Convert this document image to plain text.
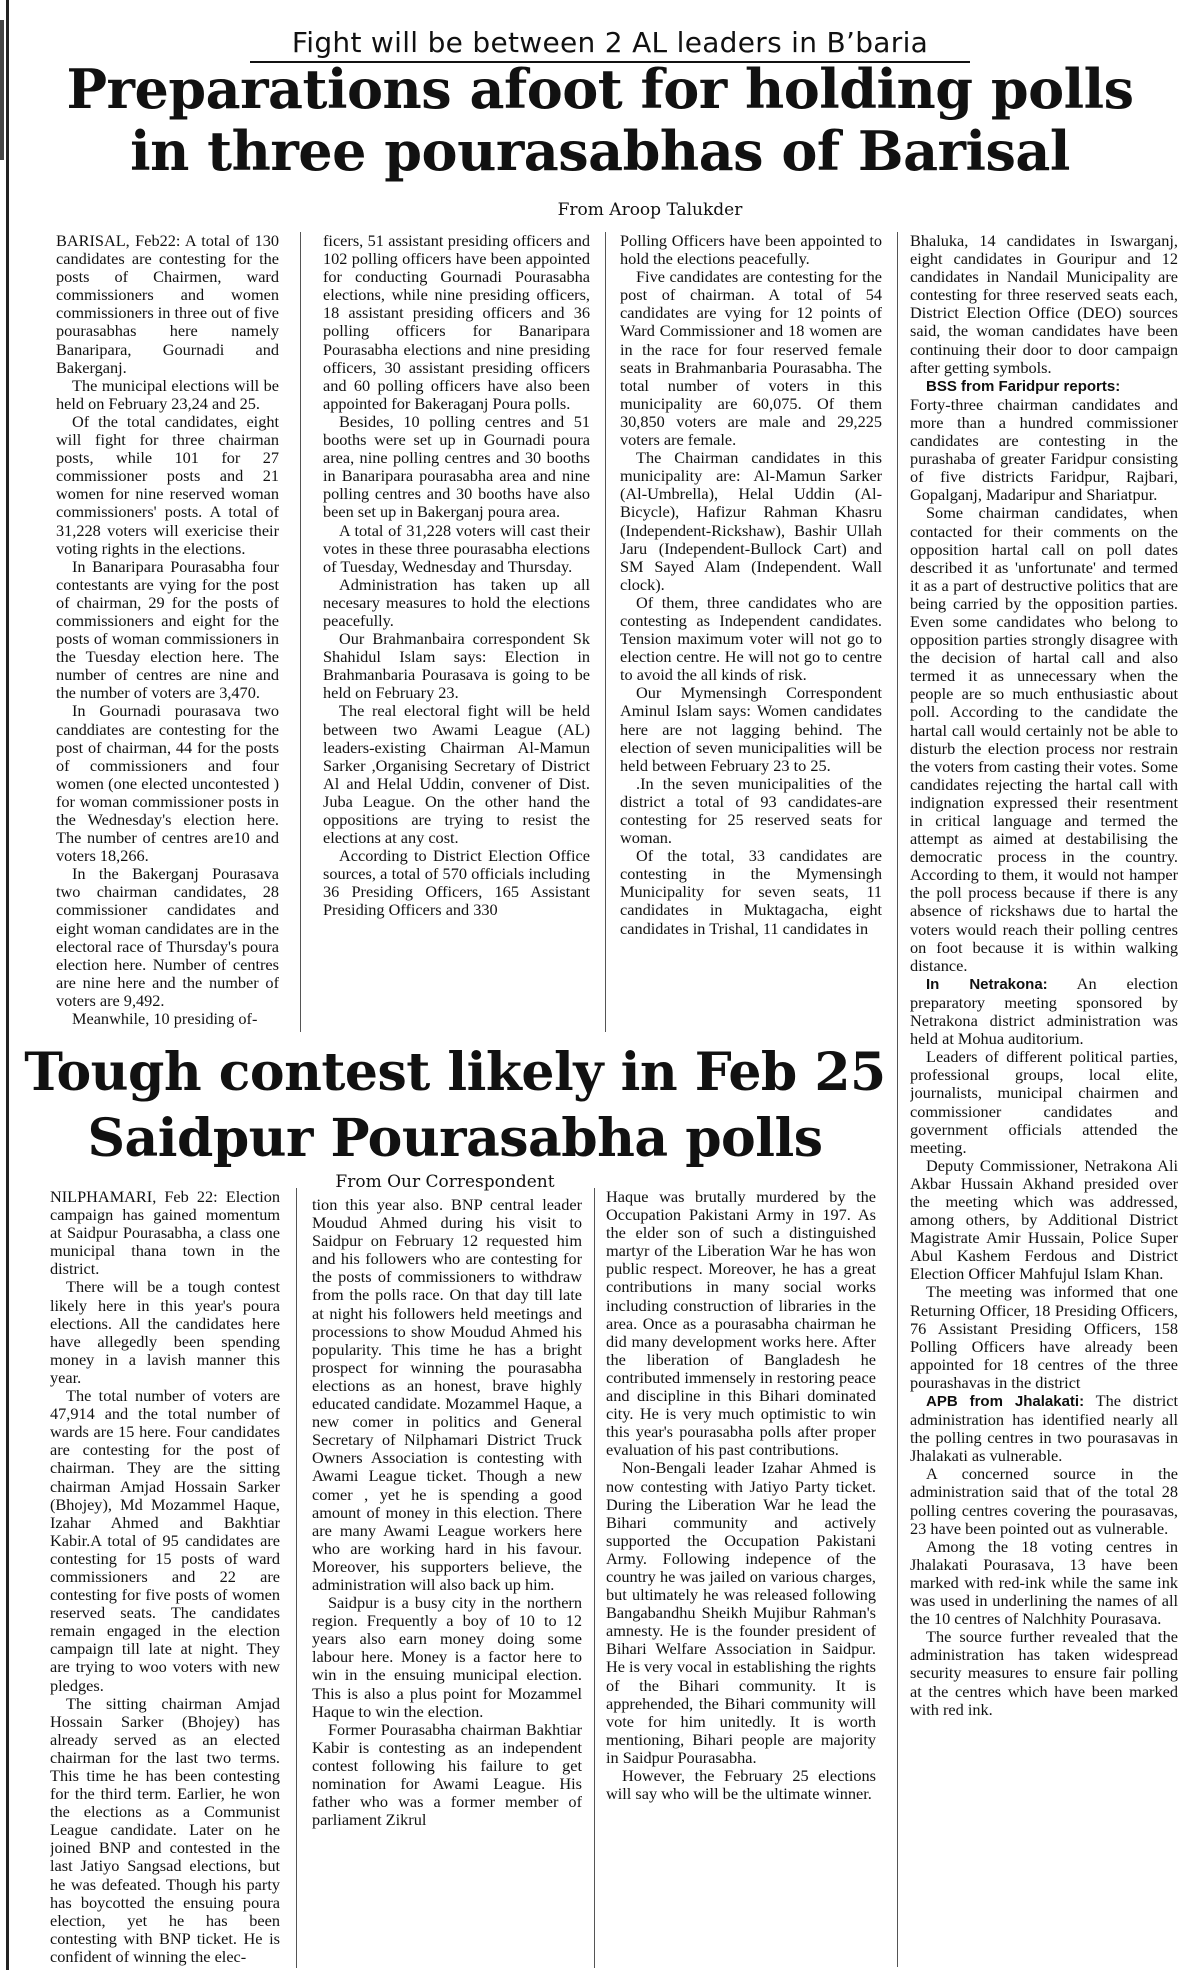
Fight will be between 2 AL leaders in B’baria
Preparations afoot for holding polls
in three pourasabhas of Barisal
From Aroop Talukder

BARISAL, Feb22: A total of 130 candidates are contesting for the posts of Chairmen, ward commissioners and women commissioners in three out of five pourasabhas here namely Banaripara, Gournadi and Bakerganj.

The municipal elections will be held on February 23,24 and 25.

Of the total candidates, eight will fight for three chairman posts, while 101 for 27 commissioner posts and 21 women for nine reserved woman commissioners' posts. A total of 31,228 voters will exericise their voting rights in the elections.

In Banaripara Pourasabha four contestants are vying for the post of chairman, 29 for the posts of commissioners and eight for the posts of woman commissioners in the Tuesday election here. The number of centres are nine and the number of voters are 3,470.

In Gournadi pourasava two canddiates are contesting for the post of chairman, 44 for the posts of commissioners and four women (one elected uncontested ) for woman commissioner posts in the Wednesday's election here. The number of centres are10 and voters 18,266.

In the Bakerganj Pourasava two chairman candidates, 28 commissioner candidates and eight woman candidates are in the electoral race of Thursday's poura election here. Number of centres are nine here and the number of voters are 9,492.

Meanwhile, 10 presiding of-

ficers, 51 assistant presiding officers and 102 polling officers have been appointed for conducting Gournadi Pourasabha elections, while nine presiding officers, 18 assistant presiding officers and 36 polling officers for Banaripara Pourasabha elections and nine presiding officers, 30 assistant presiding officers and 60 polling officers have also been appointed for Bakeraganj Poura polls.

Besides, 10 polling centres and 51 booths were set up in Gournadi poura area, nine polling centres and 30 booths in Banaripara pourasabha area and nine polling centres and 30 booths have also been set up in Bakerganj poura area.

A total of 31,228 voters will cast their votes in these three pourasabha elections of Tuesday, Wednesday and Thursday.

Administration has taken up all necesary measures to hold the elections peacefully.

Our Brahmanbaira correspondent Sk Shahidul Islam says: Election in Brahmanbaria Pourasava is going to be held on February 23.

The real electoral fight will be held between two Awami League (AL) leaders-existing Chairman Al-Mamun Sarker ,Organising Secretary of District Al and Helal Uddin, convener of Dist. Juba League. On the other hand the oppositions are trying to resist the elections at any cost.

According to District Election Office sources, a total of 570 officials including 36 Presiding Officers, 165 Assistant Presiding Officers and 330

Polling Officers have been appointed to hold the elections peacefully.

Five candidates are contesting for the post of chairman. A total of 54 candidates are vying for 12 points of Ward Commissioner and 18 women are in the race for four reserved female seats in Brahmanbaria Pourasabha. The total number of voters in this municipality are 60,075. Of them 30,850 voters are male and 29,225 voters are female.

The Chairman candidates in this municipality are: Al-Mamun Sarker (Al-Umbrella), Helal Uddin (Al-Bicycle), Hafizur Rahman Khasru (Independent-Rickshaw), Bashir Ullah Jaru (Independent-Bullock Cart) and SM Sayed Alam (Independent. Wall clock).

Of them, three candidates who are contesting as Independent candidates. Tension maximum voter will not go to election centre. He will not go to centre to avoid the all kinds of risk.

Our Mymensingh Correspondent Aminul Islam says: Women candidates here are not lagging behind. The election of seven municipalities will be held between February 23 to 25.

.In the seven municipalities of the district a total of 93 candidates-are contesting for 25 reserved seats for woman.

Of the total, 33 candidates are contesting in the Mymensingh Municipality for seven seats, 11 candidates in Muktagacha, eight candidates in Trishal, 11 candidates in

Bhaluka, 14 candidates in Iswarganj, eight candidates in Gouripur and 12 candidates in Nandail Municipality are contesting for three reserved seats each, District Election Office (DEO) sources said, the woman candidates have been continuing their door to door campaign after getting symbols.

BSS from Faridpur reports:

Forty-three chairman candidates and more than a hundred commissioner candidates are contesting in the purashaba of greater Faridpur consisting of five districts Faridpur, Rajbari, Gopalganj, Madaripur and Shariatpur.

Some chairman candidates, when contacted for their comments on the opposition hartal call on poll dates described it as 'unfortunate' and termed it as a part of destructive politics that are being carried by the opposition parties. Even some candidates who belong to opposition parties strongly disagree with the decision of hartal call and also termed it as unnecessary when the people are so much enthusiastic about poll. According to the candidate the hartal call would certainly not be able to disturb the election process nor restrain the voters from casting their votes. Some candidates rejecting the hartal call with indignation expressed their resentment in critical language and termed the attempt as aimed at destabilising the democratic process in the country. According to them, it would not hamper the poll process because if there is any absence of rickshaws due to hartal the voters would reach their polling centres on foot because it is within walking distance.

In Netrakona: An election preparatory meeting sponsored by Netrakona district administration was held at Mohua auditorium.

Leaders of different political parties, professional groups, local elite, journalists, municipal chairmen and commissioner candidates and government officials attended the meeting.

Deputy Commissioner, Netrakona Ali Akbar Hussain Akhand presided over the meeting which was addressed, among others, by Additional District Magistrate Amir Hussain, Police Super Abul Kashem Ferdous and District Election Officer Mahfujul Islam Khan.

The meeting was informed that one Returning Officer, 18 Presiding Officers, 76 Assistant Presiding Officers, 158 Polling Officers have already been appointed for 18 centres of the three pourashavas in the district

APB from Jhalakati: The district administration has identified nearly all the polling centres in two pourasavas in Jhalakati as vulnerable.

A concerned source in the administration said that of the total 28 polling centres covering the pourasavas, 23 have been pointed out as vulnerable.

Among the 18 voting centres in Jhalakati Pourasava, 13 have been marked with red-ink while the same ink was used in underlining the names of all the 10 centres of Nalchhity Pourasava.

The source further revealed that the administration has taken widespread security measures to ensure fair polling at the centres which have been marked with red ink.

Tough contest likely in Feb 25
Saidpur Pourasabha polls
From Our Correspondent

NILPHAMARI, Feb 22: Election campaign has gained momentum at Saidpur Pourasabha, a class one municipal thana town in the district.

There will be a tough contest likely here in this year's poura elections. All the candidates here have allegedly been spending money in a lavish manner this year.

The total number of voters are 47,914 and the total number of wards are 15 here. Four candidates are contesting for the post of chairman. They are the sitting chairman Amjad Hossain Sarker (Bhojey), Md Mozammel Haque, Izahar Ahmed and Bakhtiar Kabir.A total of 95 candidates are contesting for 15 posts of ward commissioners and 22 are contesting for five posts of women reserved seats. The candidates remain engaged in the election campaign till late at night. They are trying to woo voters with new pledges.

The sitting chairman Amjad Hossain Sarker (Bhojey) has already served as an elected chairman for the last two terms. This time he has been contesting for the third term. Earlier, he won the elections as a Communist League candidate. Later on he joined BNP and contested in the last Jatiyo Sangsad elections, but he was defeated. Though his party has boycotted the ensuing poura election, yet he has been contesting with BNP ticket. He is confident of winning the elec-

tion this year also. BNP central leader Moudud Ahmed during his visit to Saidpur on February 12 requested him and his followers who are contesting for the posts of commissioners to withdraw from the polls race. On that day till late at night his followers held meetings and processions to show Moudud Ahmed his popularity. This time he has a bright prospect for winning the pourasabha elections as an honest, brave highly educated candidate. Mozammel Haque, a new comer in politics and General Secretary of Nilphamari District Truck Owners Association is contesting with Awami League ticket. Though a new comer , yet he is spending a good amount of money in this election. There are many Awami League workers here who are working hard in his favour. Moreover, his supporters believe, the administration will also back up him.

Saidpur is a busy city in the northern region. Frequently a boy of 10 to 12 years also earn money doing some labour here. Money is a factor here to win in the ensuing municipal election. This is also a plus point for Mozammel Haque to win the election.

Former Pourasabha chairman Bakhtiar Kabir is contesting as an independent contest following his failure to get nomination for Awami League. His father who was a former member of parliament Zikrul

Haque was brutally murdered by the Occupation Pakistani Army in 197. As the elder son of such a distinguished martyr of the Liberation War he has won public respect. Moreover, he has a great contributions in many social works including construction of libraries in the area. Once as a pourasabha chairman he did many development works here. After the liberation of Bangladesh he contributed immensely in restoring peace and discipline in this Bihari dominated city. He is very much optimistic to win this year's pourasabha polls after proper evaluation of his past contributions.

Non-Bengali leader Izahar Ahmed is now contesting with Jatiyo Party ticket. During the Liberation War he lead the Bihari community and actively supported the Occupation Pakistani Army. Following indepence of the country he was jailed on various charges, but ultimately he was released following Bangabandhu Sheikh Mujibur Rahman's amnesty. He is the founder president of Bihari Welfare Association in Saidpur. He is very vocal in establishing the rights of the Bihari community. It is apprehended, the Bihari community will vote for him unitedly. It is worth mentioning, Bihari people are majority in Saidpur Pourasabha.

However, the February 25 elections will say who will be the ultimate winner.
